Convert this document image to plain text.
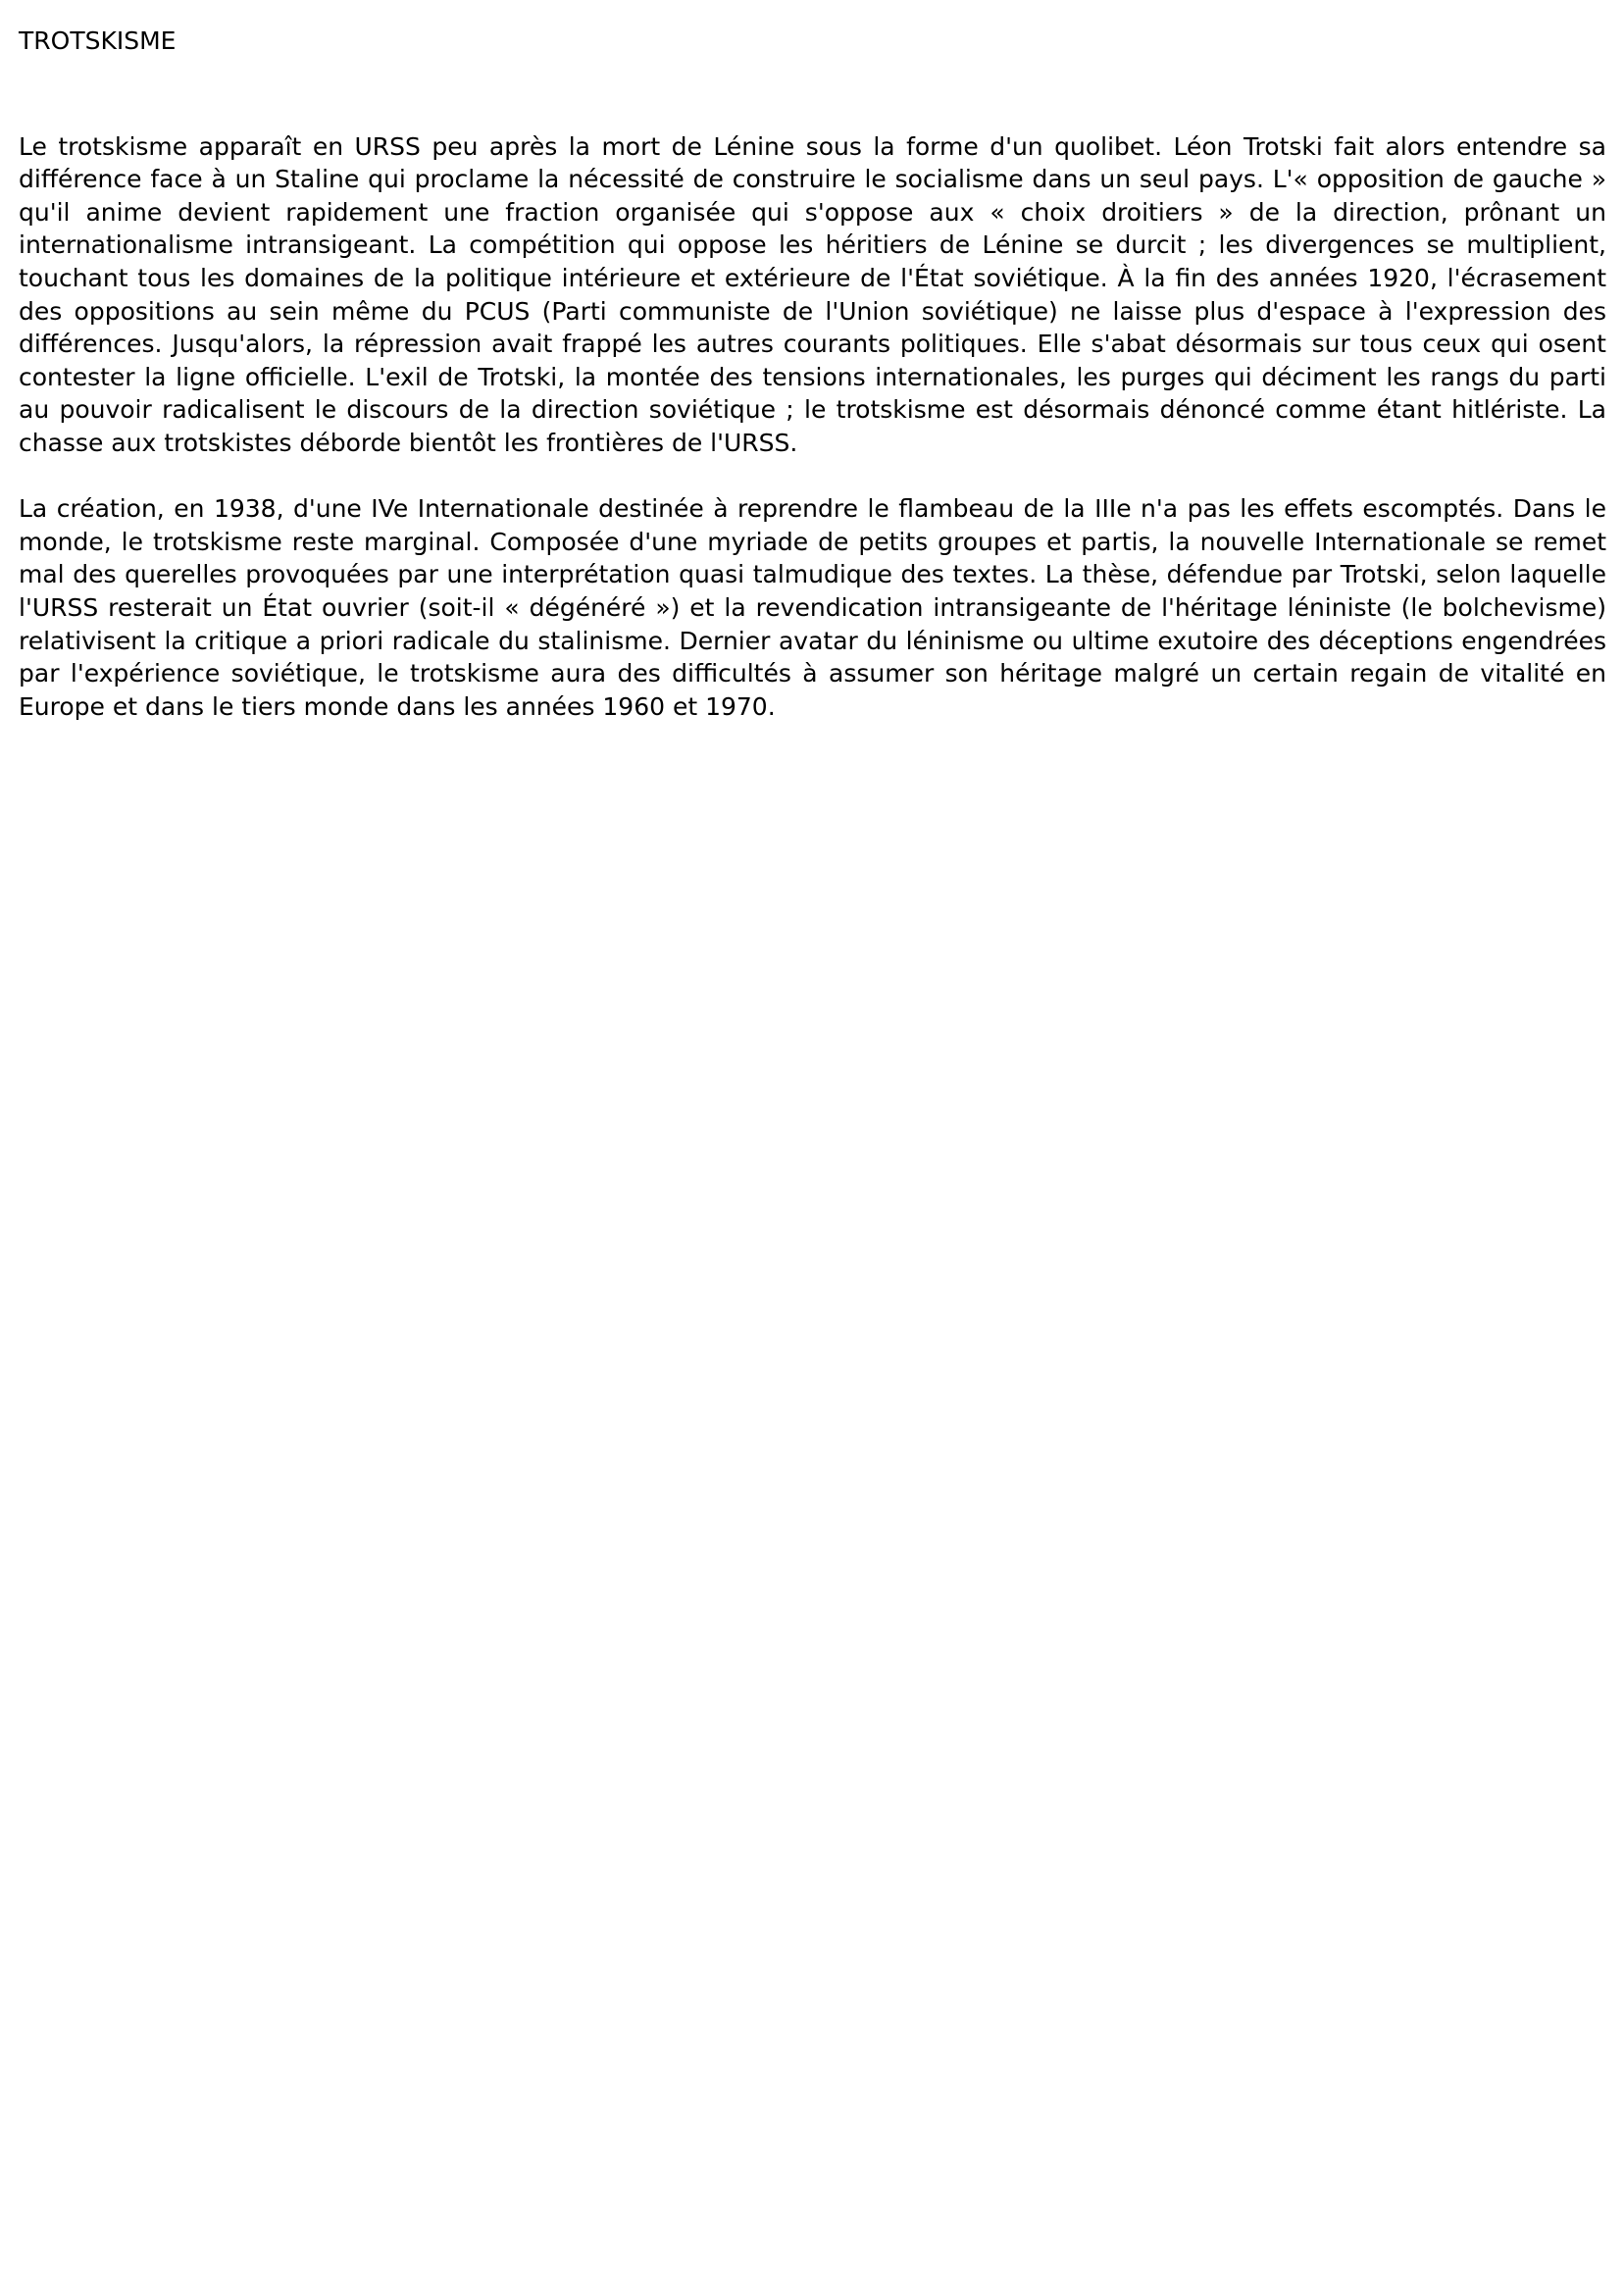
TROTSKISME

Le trotskisme apparaît en URSS peu après la mort de Lénine sous la forme d'un quolibet. Léon Trotski fait alors entendre sa différence face à un Staline qui proclame la nécessité de construire le socialisme dans un seul pays. L'« opposition de gauche » qu'il anime devient rapidement une fraction organisée qui s'oppose aux « choix droitiers » de la direction, prônant un internationalisme intransigeant. La compétition qui oppose les héritiers de Lénine se durcit ; les divergences se multiplient, touchant tous les domaines de la politique intérieure et extérieure de l'État soviétique. À la fin des années 1920, l'écrasement des oppositions au sein même du PCUS (Parti communiste de l'Union soviétique) ne laisse plus d'espace à l'expression des différences. Jusqu'alors, la répression avait frappé les autres courants politiques. Elle s'abat désormais sur tous ceux qui osent contester la ligne officielle. L'exil de Trotski, la montée des tensions internationales, les purges qui déciment les rangs du parti au pouvoir radicalisent le discours de la direction soviétique ; le trotskisme est désormais dénoncé comme étant hitlériste. La chasse aux trotskistes déborde bientôt les frontières de l'URSS.

La création, en 1938, d'une IVe Internationale destinée à reprendre le flambeau de la IIIe n'a pas les effets escomptés. Dans le monde, le trotskisme reste marginal. Composée d'une myriade de petits groupes et partis, la nouvelle Internationale se remet mal des querelles provoquées par une interprétation quasi talmudique des textes. La thèse, défendue par Trotski, selon laquelle l'URSS resterait un État ouvrier (soit-il « dégénéré ») et la revendication intransigeante de l'héritage léniniste (le bolchevisme) relativisent la critique a priori radicale du stalinisme. Dernier avatar du léninisme ou ultime exutoire des déceptions engendrées par l'expérience soviétique, le trotskisme aura des difficultés à assumer son héritage malgré un certain regain de vitalité en Europe et dans le tiers monde dans les années 1960 et 1970.
